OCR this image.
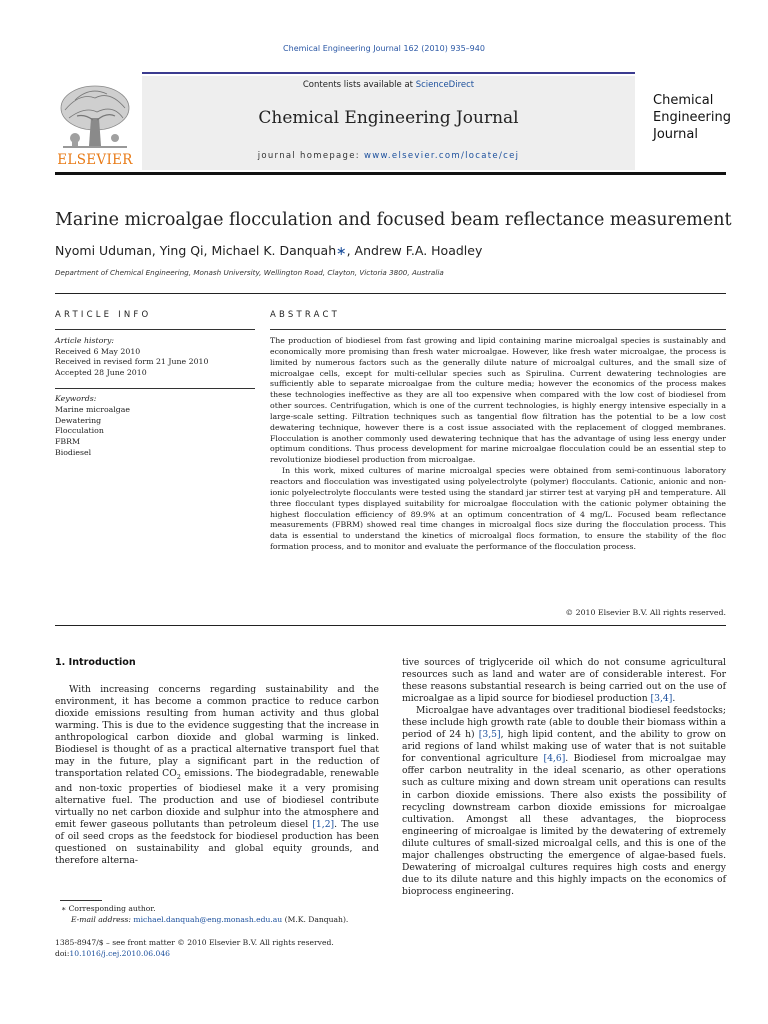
Chemical Engineering Journal 162 (2010) 935–940
ELSEVIER
Contents lists available at ScienceDirect
Chemical Engineering Journal
journal homepage: www.elsevier.com/locate/cej
Chemical
Engineering
Journal
Marine microalgae flocculation and focused beam reflectance measurement
Nyomi Uduman, Ying Qi, Michael K. Danquah∗, Andrew F.A. Hoadley
Department of Chemical Engineering, Monash University, Wellington Road, Clayton, Victoria 3800, Australia
ARTICLE INFO
Article history:
Received 6 May 2010
Received in revised form 21 June 2010
Accepted 28 June 2010
Keywords:
Marine microalgae
Dewatering
Flocculation
FBRM
Biodiesel
ABSTRACT

The production of biodiesel from fast growing and lipid containing marine microalgal species is sustainably and economically more promising than fresh water microalgae. However, like fresh water microalgae, the process is limited by numerous factors such as the generally dilute nature of microalgal cultures, and the small size of microalgae cells, except for multi-cellular species such as Spirulina. Current dewatering technologies are sufficiently able to separate microalgae from the culture media; however the economics of the process makes these technologies ineffective as they are all too expensive when compared with the low cost of biodiesel from other sources. Centrifugation, which is one of the current technologies, is highly energy intensive especially in a large-scale setting. Filtration techniques such as tangential flow filtration has the potential to be a low cost dewatering technique, however there is a cost issue associated with the replacement of clogged membranes. Flocculation is another commonly used dewatering technique that has the advantage of using less energy under optimum conditions. Thus process development for marine microalgae flocculation could be an essential step to revolutionize biodiesel production from microalgae.

In this work, mixed cultures of marine microalgal species were obtained from semi-continuous laboratory reactors and flocculation was investigated using polyelectrolyte (polymer) flocculants. Cationic, anionic and non-ionic polyelectrolyte flocculants were tested using the standard jar stirrer test at varying pH and temperature. All three flocculant types displayed suitability for microalgae flocculation with the cationic polymer obtaining the highest flocculation efficiency of 89.9% at an optimum concentration of 4 mg/L. Focused beam reflectance measurements (FBRM) showed real time changes in microalgal flocs size during the flocculation process. This data is essential to understand the kinetics of microalgal flocs formation, to ensure the stability of the floc formation process, and to monitor and evaluate the performance of the flocculation process.

© 2010 Elsevier B.V. All rights reserved.
1. Introduction

With increasing concerns regarding sustainability and the environment, it has become a common practice to reduce carbon dioxide emissions resulting from human activity and thus global warming. This is due to the evidence suggesting that the increase in anthropological carbon dioxide and global warming is linked. Biodiesel is thought of as a practical alternative transport fuel that may in the future, play a significant part in the reduction of transportation related $CO_2$ emissions. The biodegradable, renewable and non-toxic properties of biodiesel make it a very promising alternative fuel. The production and use of biodiesel contribute virtually no net carbon dioxide and sulphur into the atmosphere and emit fewer gaseous pollutants than petroleum diesel [1,2]. The use of oil seed crops as the feedstock for biodiesel production has been questioned on sustainability and global equity grounds, and therefore alterna-

tive sources of triglyceride oil which do not consume agricultural resources such as land and water are of considerable interest. For these reasons substantial research is being carried out on the use of microalgae as a lipid source for biodiesel production [3,4].

Microalgae have advantages over traditional biodiesel feedstocks; these include high growth rate (able to double their biomass within a period of 24 h) [3,5], high lipid content, and the ability to grow on arid regions of land whilst making use of water that is not suitable for conventional agriculture [4,6]. Biodiesel from microalgae may offer carbon neutrality in the ideal scenario, as other operations such as culture mixing and down stream unit operations can results in carbon dioxide emissions. There also exists the possibility of recycling downstream carbon dioxide emissions for microalgae cultivation. Amongst all these advantages, the bioprocess engineering of microalgae is limited by the dewatering of extremely dilute cultures of small-sized microalgal cells, and this is one of the major challenges obstructing the emergence of algae-based fuels. Dewatering of microalgal cultures requires high costs and energy due to its dilute nature and this highly impacts on the economics of bioprocess engineering.

∗ Corresponding author.
E-mail address: michael.danquah@eng.monash.edu.au (M.K. Danquah).
1385-8947/$ – see front matter © 2010 Elsevier B.V. All rights reserved.
doi:10.1016/j.cej.2010.06.046
